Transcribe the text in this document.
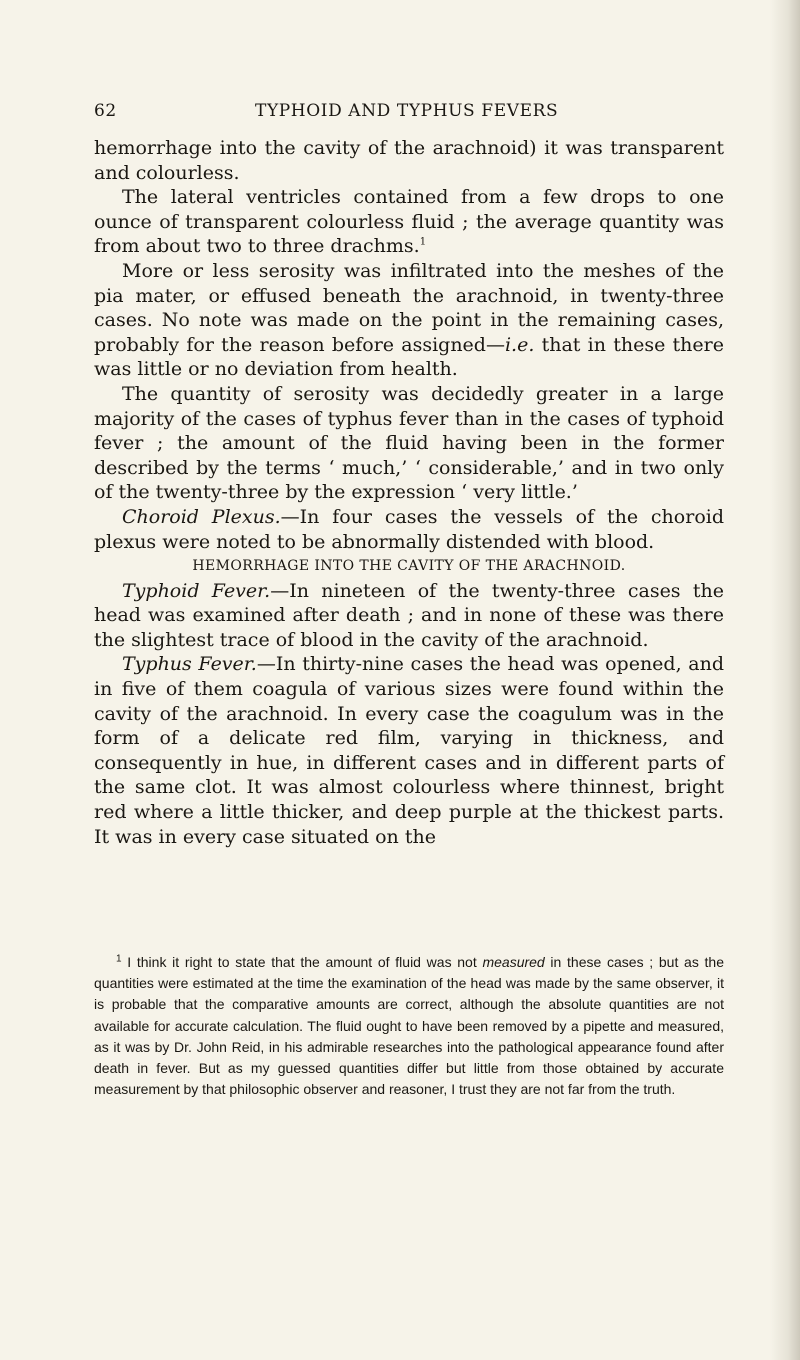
62	TYPHOID AND TYPHUS FEVERS

hemorrhage into the cavity of the arachnoid) it was transparent and colourless.

The lateral ventricles contained from a few drops to one ounce of transparent colourless fluid ; the average quantity was from about two to three drachms.$^1$

More or less serosity was infiltrated into the meshes of the pia mater, or effused beneath the arachnoid, in twenty-three cases. No note was made on the point in the remaining cases, probably for the reason before assigned—i.e. that in these there was little or no deviation from health.

The quantity of serosity was decidedly greater in a large majority of the cases of typhus fever than in the cases of typhoid fever ; the amount of the fluid having been in the former described by the terms ‘ much,’ ‘ considerable,’ and in two only of the twenty-three by the expression ‘ very little.’

Choroid Plexus.—In four cases the vessels of the choroid plexus were noted to be abnormally distended with blood.

HEMORRHAGE INTO THE CAVITY OF THE ARACHNOID.

Typhoid Fever.—In nineteen of the twenty-three cases the head was examined after death ; and in none of these was there the slightest trace of blood in the cavity of the arachnoid.

Typhus Fever.—In thirty-nine cases the head was opened, and in five of them coagula of various sizes were found within the cavity of the arachnoid. In every case the coagulum was in the form of a delicate red film, varying in thickness, and consequently in hue, in different cases and in different parts of the same clot. It was almost colourless where thinnest, bright red where a little thicker, and deep purple at the thickest parts. It was in every case situated on the

$^1$ I think it right to state that the amount of fluid was not measured in these cases ; but as the quantities were estimated at the time the examination of the head was made by the same observer, it is probable that the comparative amounts are correct, although the absolute quantities are not available for accurate calculation. The fluid ought to have been removed by a pipette and measured, as it was by Dr. John Reid, in his admirable researches into the pathological appearance found after death in fever. But as my guessed quantities differ but little from those obtained by accurate measurement by that philosophic observer and reasoner, I trust they are not far from the truth.
